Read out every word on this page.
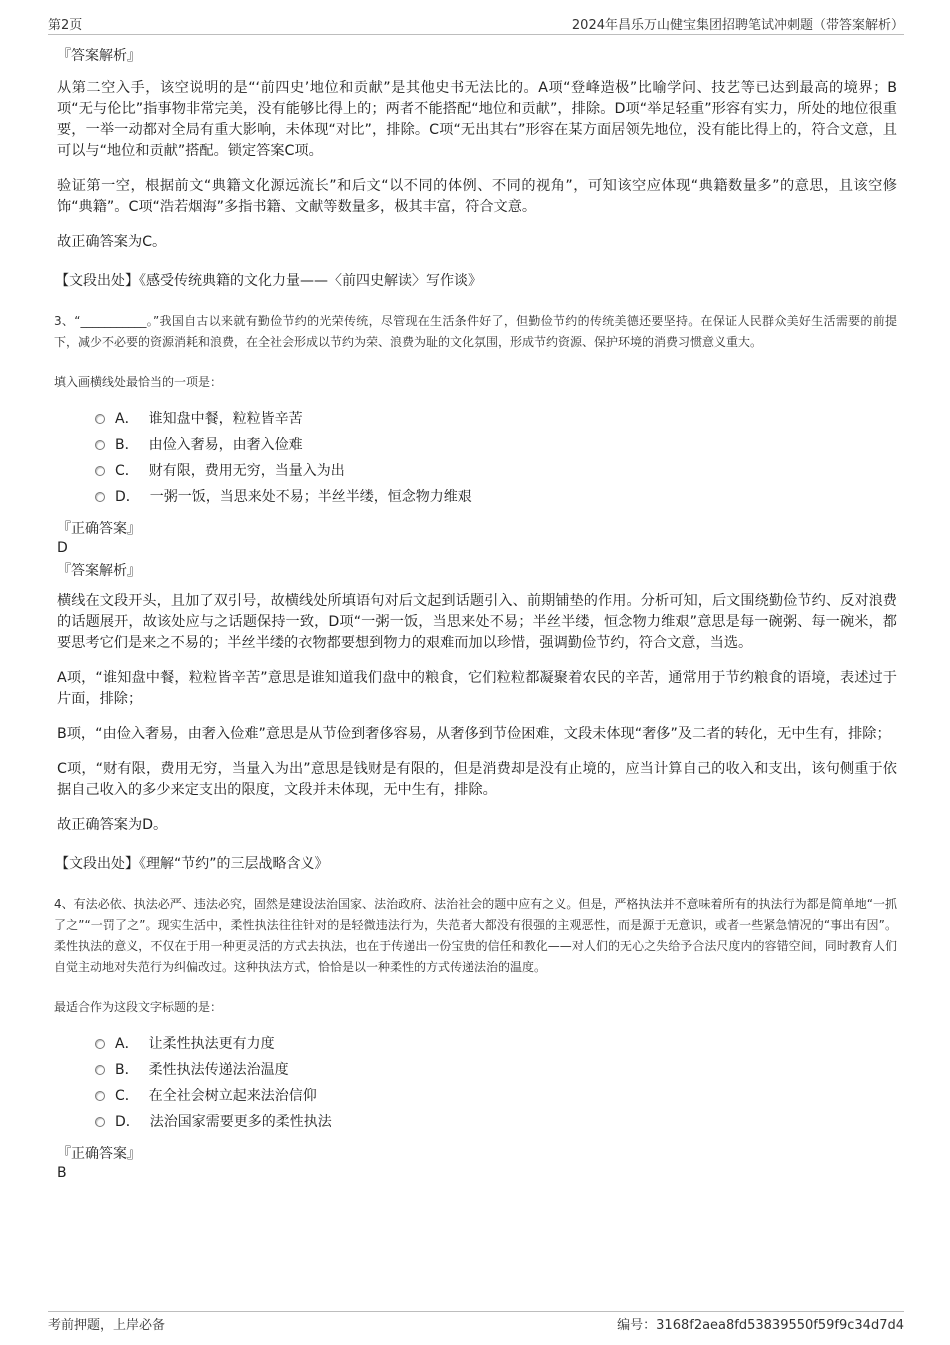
第2页	2024年昌乐万山健宝集团招聘笔试冲刺题（带答案解析）

『答案解析』

从第二空入手，该空说明的是“‘前四史’地位和贡献”是其他史书无法比的。A项“登峰造极”比喻学问、技艺等已达到最高的境界；B项“无与伦比”指事物非常完美，没有能够比得上的；两者不能搭配“地位和贡献”，排除。D项“举足轻重”形容有实力，所处的地位很重要，一举一动都对全局有重大影响，未体现“对比”，排除。C项“无出其右”形容在某方面居领先地位，没有能比得上的，符合文意，且可以与“地位和贡献”搭配。锁定答案C项。

验证第一空，根据前文“典籍文化源远流长”和后文“以不同的体例、不同的视角”，可知该空应体现“典籍数量多”的意思，且该空修饰“典籍”。C项“浩若烟海”多指书籍、文献等数量多，极其丰富，符合文意。

故正确答案为C。

【文段出处】《感受传统典籍的文化力量——〈前四史解读〉写作谈》

3、“___________。”我国自古以来就有勤俭节约的光荣传统，尽管现在生活条件好了，但勤俭节约的传统美德还要坚持。在保证人民群众美好生活需要的前提下，减少不必要的资源消耗和浪费，在全社会形成以节约为荣、浪费为耻的文化氛围，形成节约资源、保护环境的消费习惯意义重大。

填入画横线处最恰当的一项是：

A． 谁知盘中餐，粒粒皆辛苦
B． 由俭入奢易，由奢入俭难
C． 财有限，费用无穷，当量入为出
D． 一粥一饭，当思来处不易；半丝半缕，恒念物力维艰

『正确答案』

D

『答案解析』

横线在文段开头，且加了双引号，故横线处所填语句对后文起到话题引入、前期铺垫的作用。分析可知，后文围绕勤俭节约、反对浪费的话题展开，故该处应与之话题保持一致，D项“一粥一饭，当思来处不易；半丝半缕，恒念物力维艰”意思是每一碗粥、每一碗米，都要思考它们是来之不易的；半丝半缕的衣物都要想到物力的艰难而加以珍惜，强调勤俭节约，符合文意，当选。

A项，“谁知盘中餐，粒粒皆辛苦”意思是谁知道我们盘中的粮食，它们粒粒都凝聚着农民的辛苦，通常用于节约粮食的语境，表述过于片面，排除；

B项，“由俭入奢易，由奢入俭难”意思是从节俭到奢侈容易，从奢侈到节俭困难，文段未体现“奢侈”及二者的转化，无中生有，排除；

C项，“财有限，费用无穷，当量入为出”意思是钱财是有限的，但是消费却是没有止境的，应当计算自己的收入和支出，该句侧重于依据自己收入的多少来定支出的限度，文段并未体现，无中生有，排除。

故正确答案为D。

【文段出处】《理解“节约”的三层战略含义》

4、有法必依、执法必严、违法必究，固然是建设法治国家、法治政府、法治社会的题中应有之义。但是，严格执法并不意味着所有的执法行为都是简单地“一抓了之”“一罚了之”。现实生活中，柔性执法往往针对的是轻微违法行为，失范者大都没有很强的主观恶性，而是源于无意识，或者一些紧急情况的“事出有因”。柔性执法的意义，不仅在于用一种更灵活的方式去执法，也在于传递出一份宝贵的信任和教化——对人们的无心之失给予合法尺度内的容错空间，同时教育人们自觉主动地对失范行为纠偏改过。这种执法方式，恰恰是以一种柔性的方式传递法治的温度。

最适合作为这段文字标题的是：

A． 让柔性执法更有力度
B． 柔性执法传递法治温度
C． 在全社会树立起来法治信仰
D． 法治国家需要更多的柔性执法

『正确答案』

B

考前押题，上岸必备	编号：3168f2aea8fd53839550f59f9c34d7d4
